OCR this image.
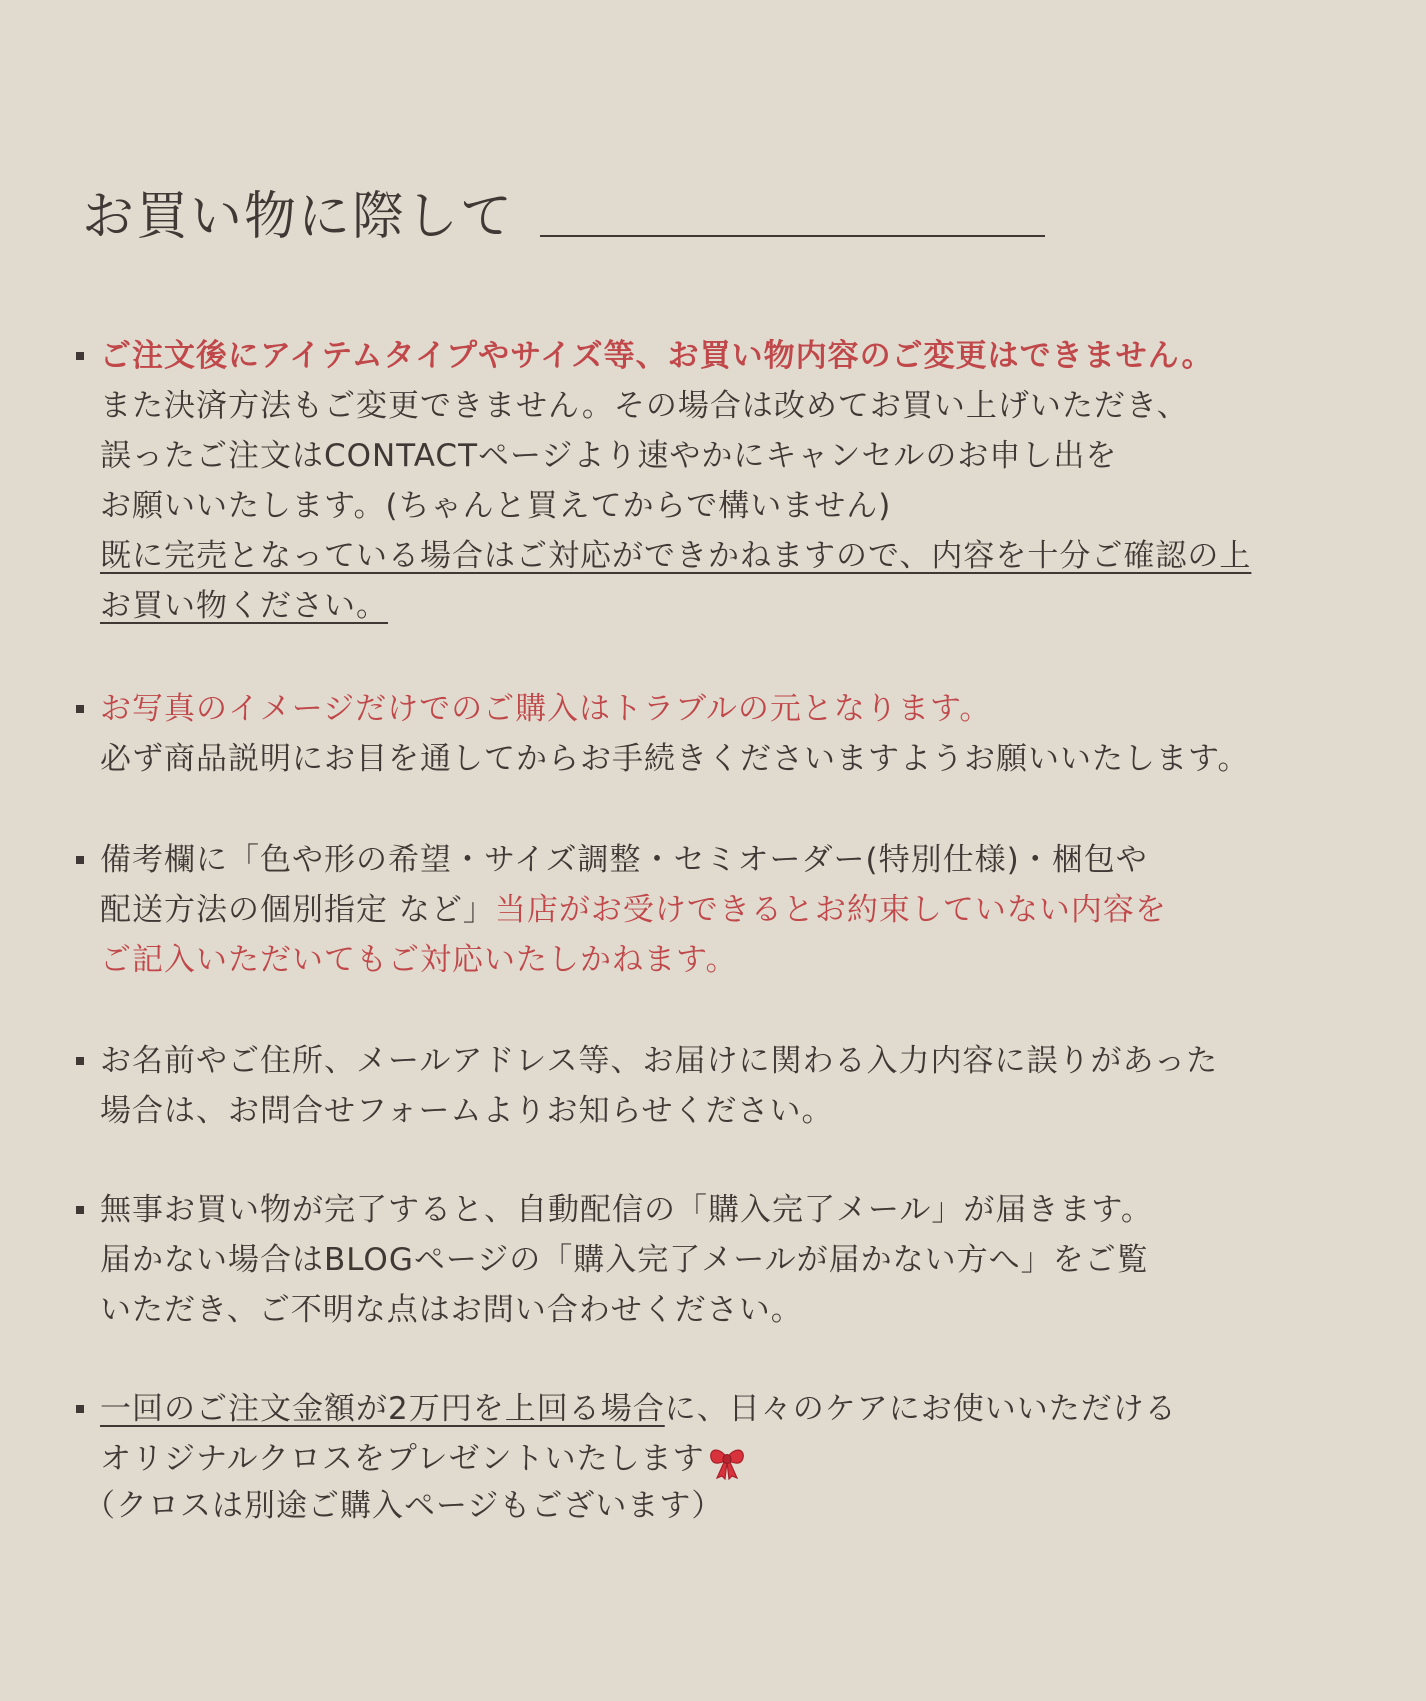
お買い物に際して
ご注文後にアイテムタイプやサイズ等、お買い物内容のご変更はできません。
また決済方法もご変更できません。その場合は改めてお買い上げいただき、
誤ったご注文はCONTACTページより速やかにキャンセルのお申し出を
お願いいたします。(ちゃんと買えてからで構いません)
既に完売となっている場合はご対応ができかねますので、内容を十分ご確認の上
お買い物ください。
お写真のイメージだけでのご購入はトラブルの元となります。
必ず商品説明にお目を通してからお手続きくださいますようお願いいたします。
備考欄に「色や形の希望・サイズ調整・セミオーダー(特別仕様)・梱包や
配送方法の個別指定 など」当店がお受けできるとお約束していない内容を
ご記入いただいてもご対応いたしかねます。
お名前やご住所、メールアドレス等、お届けに関わる入力内容に誤りがあった
場合は、お問合せフォームよりお知らせください。
無事お買い物が完了すると、自動配信の「購入完了メール」が届きます。
届かない場合はBLOGページの「購入完了メールが届かない方へ」をご覧
いただき、ご不明な点はお問い合わせください。
一回のご注文金額が2万円を上回る場合に、日々のケアにお使いいただける
オリジナルクロスをプレゼントいたします
（クロスは別途ご購入ページもございます）
